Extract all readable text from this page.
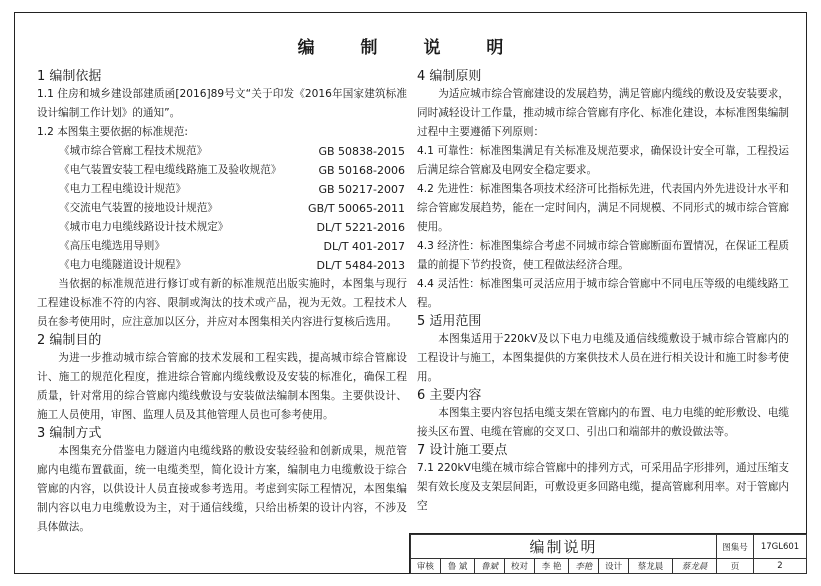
编 制 说 明
1 编制依据

1.1 住房和城乡建设部建质函[2016]89号文“关于印发《2016年国家建筑标准设计编制工作计划》的通知”。

1.2 本图集主要依据的标准规范:

《城市综合管廊工程技术规范》	GB 50838-2015
《电气装置安装工程电缆线路施工及验收规范》	GB 50168-2006
《电力工程电缆设计规范》	GB 50217-2007
《交流电气装置的接地设计规范》	GB/T 50065-2011
《城市电力电缆线路设计技术规定》	DL/T 5221-2016
《高压电缆选用导则》	DL/T 401-2017
《电力电缆隧道设计规程》	DL/T 5484-2013

当依据的标准规范进行修订或有新的标准规范出版实施时，本图集与现行工程建设标准不符的内容、限制或淘汰的技术或产品，视为无效。工程技术人员在参考使用时，应注意加以区分，并应对本图集相关内容进行复核后选用。

2 编制目的

为进一步推动城市综合管廊的技术发展和工程实践，提高城市综合管廊设计、施工的规范化程度，推进综合管廊内缆线敷设及安装的标准化，确保工程质量，针对常用的综合管廊内缆线敷设与安装做法编制本图集。主要供设计、施工人员使用，审图、监理人员及其他管理人员也可参考使用。

3 编制方式

本图集充分借鉴电力隧道内电缆线路的敷设安装经验和创新成果，规范管廊内电缆布置截面，统一电缆类型，简化设计方案，编制电力电缆敷设于综合管廊的内容，以供设计人员直接或参考选用。考虑到实际工程情况，本图集编制内容以电力电缆敷设为主，对于通信线缆，只给出桥架的设计内容，不涉及具体做法。

4 编制原则

为适应城市综合管廊建设的发展趋势，满足管廊内缆线的敷设及安装要求，同时减轻设计工作量，推动城市综合管廊有序化、标准化建设，本标准图集编制过程中主要遵循下列原则：

4.1 可靠性：标准图集满足有关标准及规范要求，确保设计安全可靠，工程投运后满足综合管廊及电网安全稳定要求。

4.2 先进性：标准图集各项技术经济可比指标先进，代表国内外先进设计水平和综合管廊发展趋势，能在一定时间内，满足不同规模、不同形式的城市综合管廊使用。

4.3 经济性：标准图集综合考虑不同城市综合管廊断面布置情况，在保证工程质量的前提下节约投资，使工程做法经济合理。

4.4 灵活性：标准图集可灵活应用于城市综合管廊中不同电压等级的电缆线路工程。

5 适用范围

本图集适用于220kV及以下电力电缆及通信线缆敷设于城市综合管廊内的工程设计与施工，本图集提供的方案供技术人员在进行相关设计和施工时参考使用。

6 主要内容

本图集主要内容包括电缆支架在管廊内的布置、电力电缆的蛇形敷设、电缆接头区布置、电缆在管廊的交叉口、引出口和端部井的敷设做法等。

7 设计施工要点

7.1 220kV电缆在城市综合管廊中的排列方式，可采用品字形排列，通过压缩支架有效长度及支架层间距，可敷设更多回路电缆，提高管廊利用率。对于管廊内空

编制说明									图集号	17GL601
审核	鲁 斌	鲁斌	校对	李 艳	李艳	设计	蔡龙晨	蔡龙晨	页	2
